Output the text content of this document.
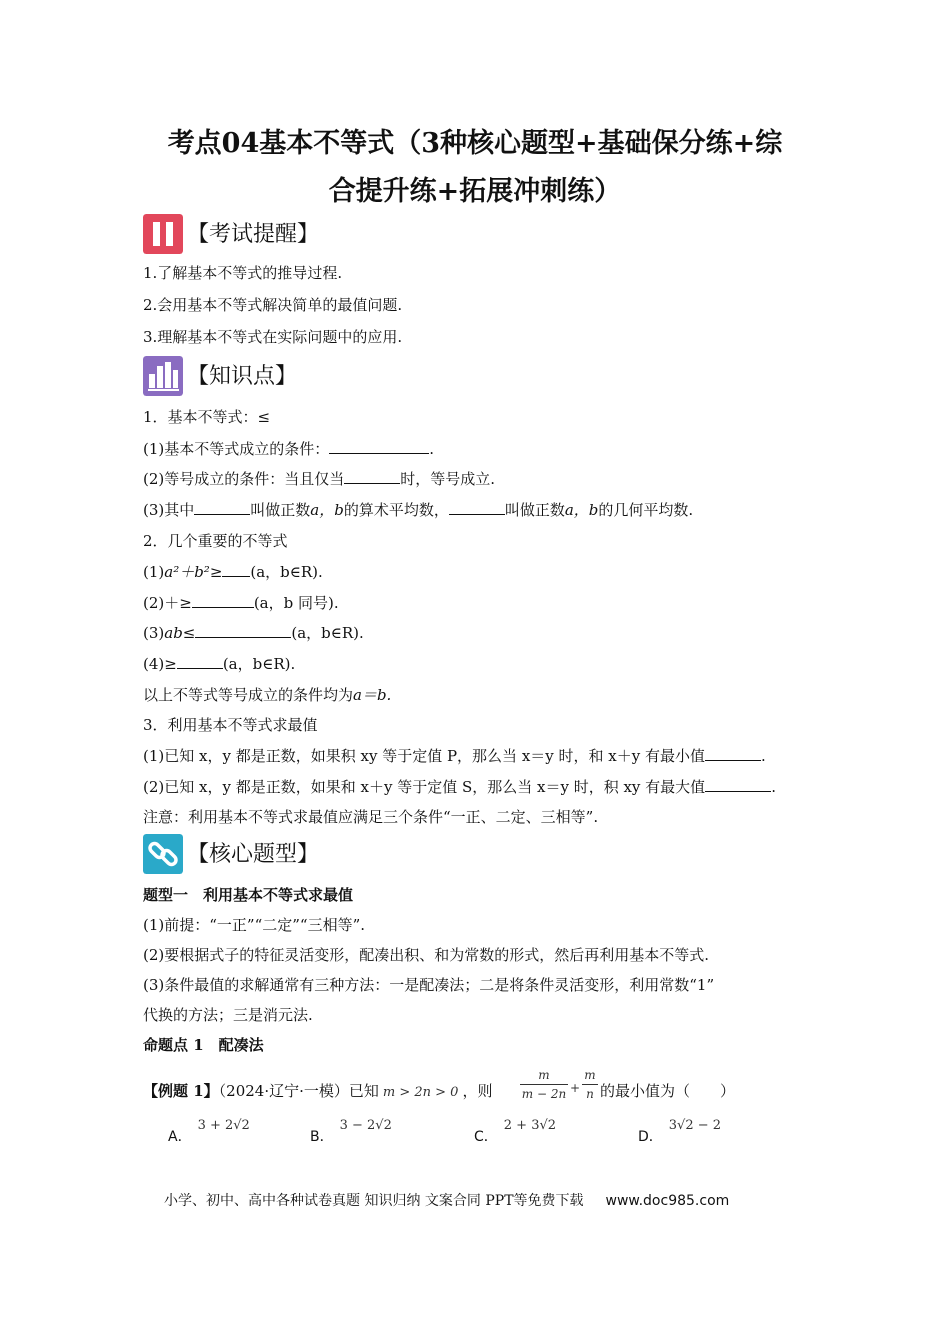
考点04基本不等式（3种核心题型+基础保分练+综
合提升练+拓展冲刺练）
【考试提醒】
1.了解基本不等式的推导过程.
2.会用基本不等式解决简单的最值问题.
3.理解基本不等式在实际问题中的应用.
【知识点】
1．基本不等式：≤
(1)基本不等式成立的条件：	.
(2)等号成立的条件：当且仅当	时，等号成立.
(3)其中	叫做正数a，b的算术平均数，	叫做正数a，b的几何平均数.
2．几个重要的不等式
(1)a²＋b²≥ (a，b∈R).
(2)＋≥	(a，b 同号).
(3)ab≤	(a，b∈R).
(4)≥	(a，b∈R).
以上不等式等号成立的条件均为a＝b.
3．利用基本不等式求最值
(1)已知 x，y 都是正数，如果积 xy 等于定值 P，那么当 x＝y 时，和 x＋y 有最小值	.
(2)已知 x，y 都是正数，如果和 x＋y 等于定值 S，那么当 x＝y 时，积 xy 有最大值	.
注意：利用基本不等式求最值应满足三个条件“一正、二定、三相等”.
【核心题型】
题型一　利用基本不等式求最值
(1)前提：“一正”“二定”“三相等”.
(2)要根据式子的特征灵活变形，配凑出积、和为常数的形式，然后再利用基本不等式.
(3)条件最值的求解通常有三种方法：一是配凑法；二是将条件灵活变形，利用常数“1”
代换的方法；三是消元法.
命题点 1　配凑法
【例题 1】（2024·辽宁·一模）已知 m > 2n > 0 ，则
m
m − 2n +
m
n 的最小值为（　　）
A．3 + 2√2
B．3 − 2√2
C．2 + 3√2
D．3√2 − 2
小学、初中、高中各种试卷真题 知识归纳 文案合同 PPT等免费下载 www.doc985.com
